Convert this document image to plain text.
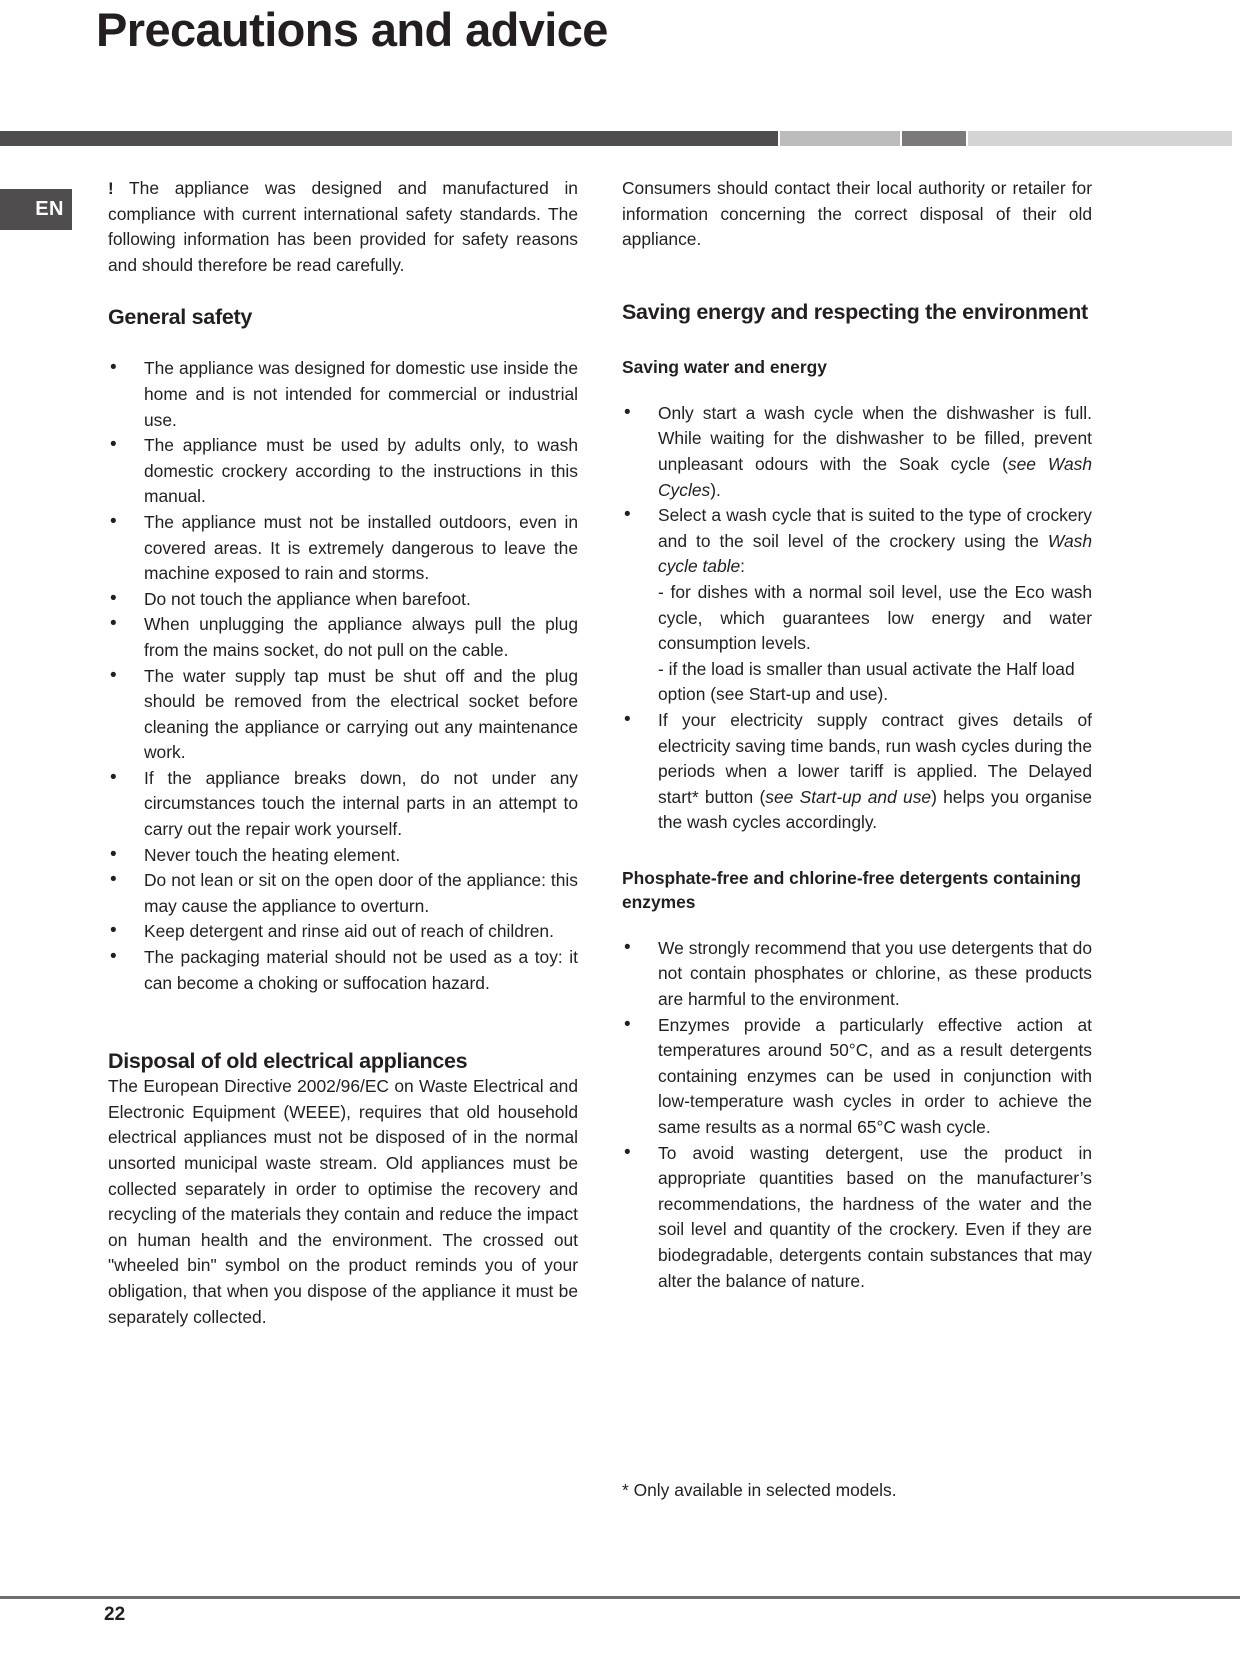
Precautions and advice
EN

! The appliance was designed and manufactured in compliance with current international safety standards. The following information has been provided for safety reasons and should therefore be read carefully.

General safety
• The appliance was designed for domestic use inside the home and is not intended for commercial or industrial use.
• The appliance must be used by adults only, to wash domestic crockery according to the instructions in this manual.
• The appliance must not be installed outdoors, even in covered areas. It is extremely dangerous to leave the machine exposed to rain and storms.
• Do not touch the appliance when barefoot.
• When unplugging the appliance always pull the plug from the mains socket, do not pull on the cable.
• The water supply tap must be shut off and the plug should be removed from the electrical socket before cleaning the appliance or carrying out any maintenance work.
• If the appliance breaks down, do not under any circumstances touch the internal parts in an attempt to carry out the repair work yourself.
• Never touch the heating element.
• Do not lean or sit on the open door of the appliance: this may cause the appliance to overturn.
• Keep detergent and rinse aid out of reach of children.
• The packaging material should not be used as a toy: it can become a choking or suffocation hazard.
Disposal of old electrical appliances

The European Directive 2002/96/EC on Waste Electrical and Electronic Equipment (WEEE), requires that old household electrical appliances must not be disposed of in the normal unsorted municipal waste stream. Old appliances must be collected separately in order to optimise the recovery and recycling of the materials they contain and reduce the impact on human health and the environment. The crossed out "wheeled bin" symbol on the product reminds you of your obligation, that when you dispose of the appliance it must be separately collected.

Consumers should contact their local authority or retailer for information concerning the correct disposal of their old appliance.

Saving energy and respecting the environment
Saving water and energy
• Only start a wash cycle when the dishwasher is full. While waiting for the dishwasher to be filled, prevent unpleasant odours with the Soak cycle (see Wash Cycles).
• Select a wash cycle that is suited to the type of crockery and to the soil level of the crockery using the Wash cycle table:
- for dishes with a normal soil level, use the Eco wash cycle, which guarantees low energy and water consumption levels.
- if the load is smaller than usual activate the Half load option (see Start-up and use).
• If your electricity supply contract gives details of electricity saving time bands, run wash cycles during the periods when a lower tariff is applied. The Delayed start* button (see Start-up and use) helps you organise the wash cycles accordingly.
Phosphate-free and chlorine-free detergents containing enzymes
• We strongly recommend that you use detergents that do not contain phosphates or chlorine, as these products are harmful to the environment.
• Enzymes provide a particularly effective action at temperatures around 50°C, and as a result detergents containing enzymes can be used in conjunction with low-temperature wash cycles in order to achieve the same results as a normal 65°C wash cycle.
• To avoid wasting detergent, use the product in appropriate quantities based on the manufacturer’s recommendations, the hardness of the water and the soil level and quantity of the crockery. Even if they are biodegradable, detergents contain substances that may alter the balance of nature.
* Only available in selected models.
22
